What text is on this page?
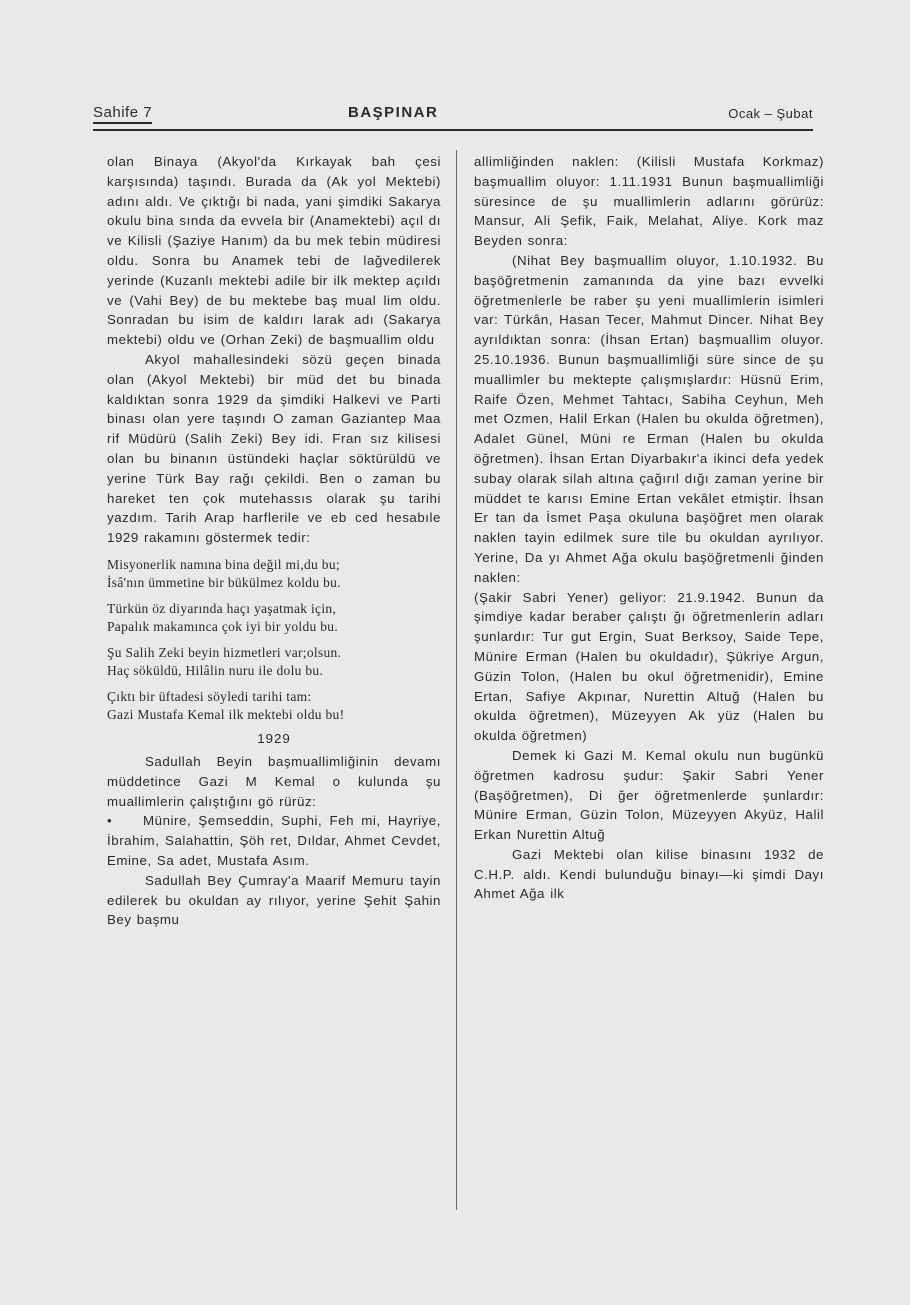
Sahife 7	BAŞPINAR	Ocak – Şubat

olan Binaya (Akyol'da Kırkayak bah çesi karşısında) taşındı. Burada da (Ak yol Mektebi) adını aldı. Ve çıktığı bi nada, yani şimdiki Sakarya okulu bina sında da evvela bir (Anamektebi) açıl dı ve Kilisli (Şaziye Hanım) da bu mek tebin müdiresi oldu. Sonra bu Anamek tebi de lağvedilerek yerinde (Kuzanlı mektebi adile bir ilk mektep açıldı ve (Vahi Bey) de bu mektebe baş mual lim oldu. Sonradan bu isim de kaldırı larak adı (Sakarya mektebi) oldu ve (Orhan Zeki) de başmuallim oldu

Akyol mahallesindeki sözü geçen binada olan (Akyol Mektebi) bir müd det bu binada kaldıktan sonra 1929 da şimdiki Halkevi ve Parti binası olan yere taşındı O zaman Gaziantep Maa rif Müdürü (Salih Zeki) Bey idi. Fran sız kilisesi olan bu binanın üstündeki haçlar söktürüldü ve yerine Türk Bay rağı çekildi. Ben o zaman bu hareket ten çok mutehassıs olarak şu tarihi yazdım. Tarih Arap harflerile ve eb ced hesabıle 1929 rakamını göstermek tedir:

Misyonerlik namına bina değil mi,du bu;
İsâ'nın ümmetine bir bükülmez koldu bu.
Türkün öz diyarında haçı yaşatmak için,
Papalık makamınca çok iyi bir yoldu bu.
Şu Salih Zeki beyin hizmetleri var;olsun.
Haç söküldü, Hilâlin nuru ile dolu bu.
Çıktı bir üftadesi söyledi tarihi tam:
Gazi Mustafa Kemal ilk mektebi oldu bu!
1929

Sadullah Beyin başmuallimliğinin devamı müddetince Gazi M Kemal o kulunda şu muallimlerin çalıştığını gö rürüz:

• Münire, Şemseddin, Suphi, Feh mi, Hayriye, İbrahim, Salahattin, Şöh ret, Dıldar, Ahmet Cevdet, Emine, Sa adet, Mustafa Asım.

Sadullah Bey Çumray'a Maarif Memuru tayin edilerek bu okuldan ay rılıyor, yerine Şehit Şahin Bey başmu

allimliğinden naklen: (Kilisli Mustafa Korkmaz) başmuallim oluyor: 1.11.1931 Bunun başmuallimliği süresince de şu muallimlerin adlarını görürüz: Mansur, Ali Şefik, Faik, Melahat, Aliye. Kork maz Beyden sonra:

(Nihat Bey başmuallim oluyor, 1.10.1932. Bu başöğretmenin zamanında da yine bazı evvelki öğretmenlerle be raber şu yeni muallimlerin isimleri var: Türkân, Hasan Tecer, Mahmut Dincer. Nihat Bey ayrıldıktan sonra: (İhsan Ertan) başmuallim oluyor. 25.10.1936. Bunun başmuallimliği süre since de şu muallimler bu mektepte çalışmışlardır: Hüsnü Erim, Raife Özen, Mehmet Tahtacı, Sabiha Ceyhun, Meh met Ozmen, Halil Erkan (Halen bu okulda öğretmen), Adalet Günel, Müni re Erman (Halen bu okulda öğretmen). İhsan Ertan Diyarbakır'a ikinci defa yedek subay olarak silah altına çağırıl dığı zaman yerine bir müddet te karısı Emine Ertan vekâlet etmiştir. İhsan Er tan da İsmet Paşa okuluna başöğret men olarak naklen tayin edilmek sure tile bu okuldan ayrılıyor. Yerine, Da yı Ahmet Ağa okulu başöğretmenli ğinden naklen:

(Şakir Sabri Yener) geliyor: 21.9.1942. Bunun da şimdiye kadar beraber çalıştı ğı öğretmenlerin adları şunlardır: Tur gut Ergin, Suat Berksoy, Saide Tepe, Münire Erman (Halen bu okuldadır), Şükriye Argun, Güzin Tolon, (Halen bu okul öğretmenidir), Emine Ertan, Safiye Akpınar, Nurettin Altuğ (Halen bu okulda öğretmen), Müzeyyen Ak yüz (Halen bu okulda öğretmen)

Demek ki Gazi M. Kemal okulu nun bugünkü öğretmen kadrosu şudur: Şakir Sabri Yener (Başöğretmen), Di ğer öğretmenlerde şunlardır: Münire Erman, Güzin Tolon, Müzeyyen Akyüz, Halil Erkan Nurettin Altuğ

Gazi Mektebi olan kilise binasını 1932 de C.H.P. aldı. Kendi bulunduğu binayı—ki şimdi Dayı Ahmet Ağa ilk
